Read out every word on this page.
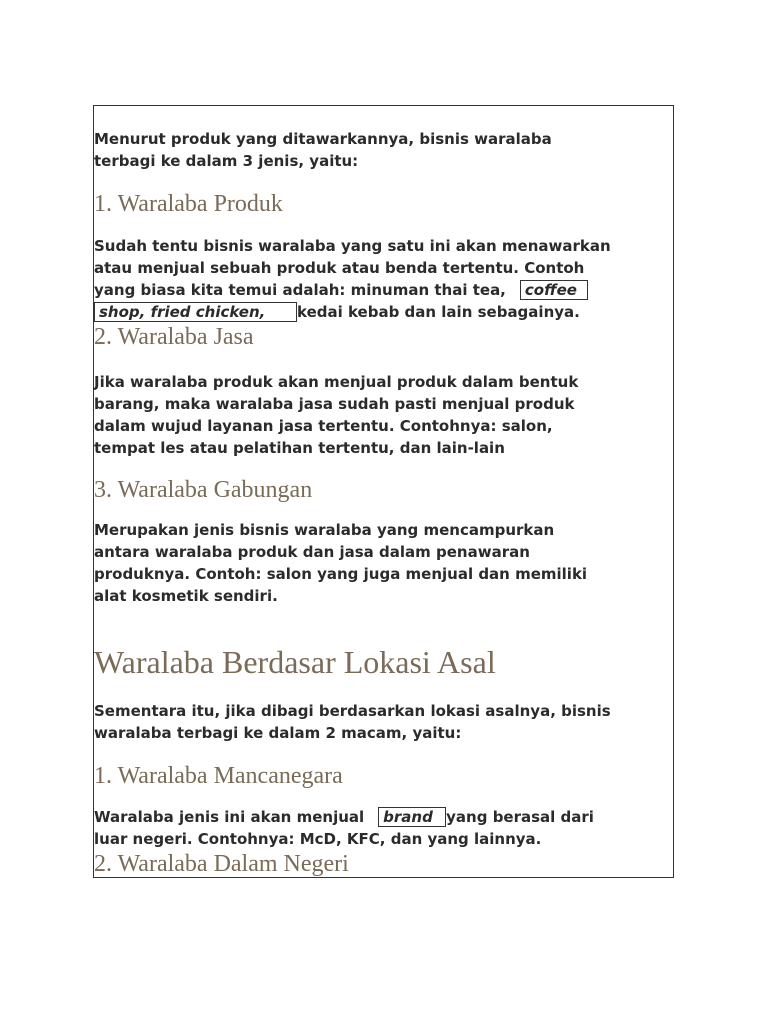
Menurut produk yang ditawarkannya, bisnis waralaba

terbagi ke dalam 3 jenis, yaitu:

1. Waralaba Produk

Sudah tentu bisnis waralaba yang satu ini akan menawarkan

atau menjual sebuah produk atau benda tertentu. Contoh

yang biasa kita temui adalah: minuman thai tea, coffee

shop, fried chicken, kedai kebab dan lain sebagainya.

2. Waralaba Jasa

Jika waralaba produk akan menjual produk dalam bentuk

barang, maka waralaba jasa sudah pasti menjual produk

dalam wujud layanan jasa tertentu. Contohnya: salon,

tempat les atau pelatihan tertentu, dan lain-lain

3. Waralaba Gabungan

Merupakan jenis bisnis waralaba yang mencampurkan

antara waralaba produk dan jasa dalam penawaran

produknya. Contoh: salon yang juga menjual dan memiliki

alat kosmetik sendiri.

Waralaba Berdasar Lokasi Asal

Sementara itu, jika dibagi berdasarkan lokasi asalnya, bisnis

waralaba terbagi ke dalam 2 macam, yaitu:

1. Waralaba Mancanegara

Waralaba jenis ini akan menjual brand yang berasal dari

luar negeri. Contohnya: McD, KFC, dan yang lainnya.

2. Waralaba Dalam Negeri
